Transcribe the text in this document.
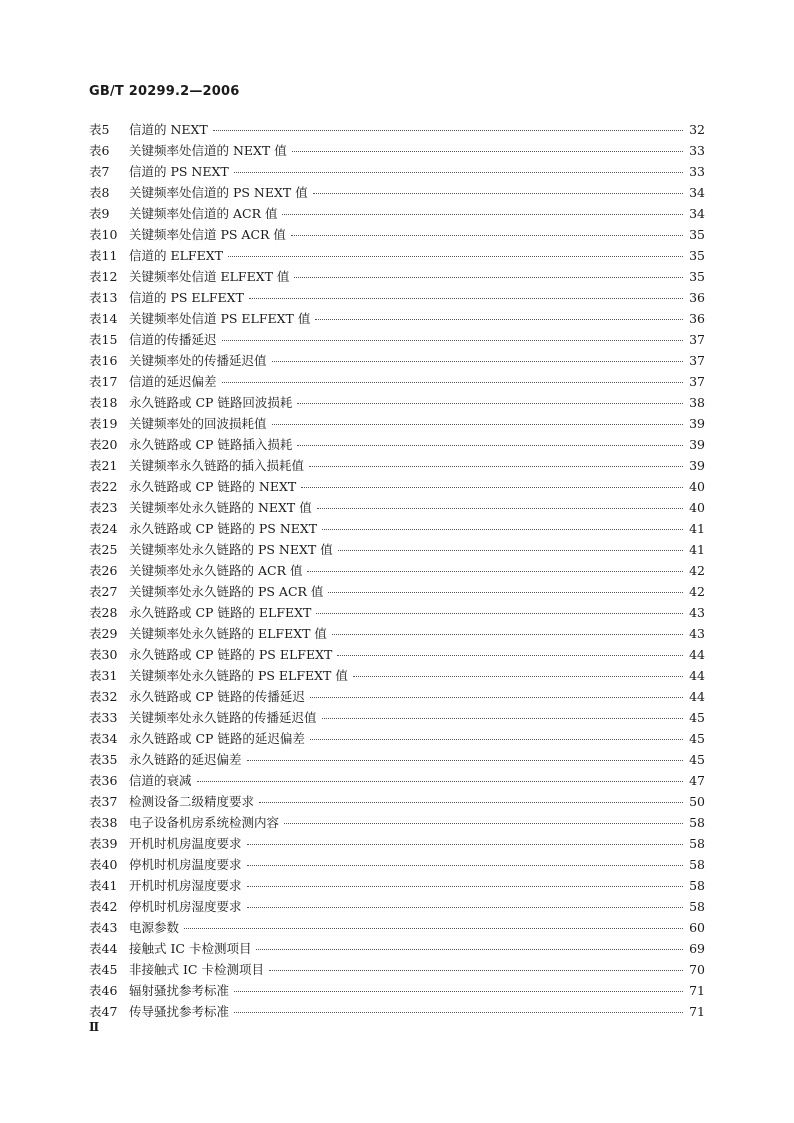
GB/T 20299.2—2006
表5	信道的 NEXT	32
表6	关键频率处信道的 NEXT 值	33
表7	信道的 PS NEXT	33
表8	关键频率处信道的 PS NEXT 值	34
表9	关键频率处信道的 ACR 值	34
表10 关键频率处信道 PS ACR 值	35
表11 信道的 ELFEXT	35
表12 关键频率处信道 ELFEXT 值	35
表13 信道的 PS ELFEXT	36
表14 关键频率处信道 PS ELFEXT 值	36
表15 信道的传播延迟	37
表16 关键频率处的传播延迟值	37
表17 信道的延迟偏差	37
表18 永久链路或 CP 链路回波损耗	38
表19 关键频率处的回波损耗值	39
表20 永久链路或 CP 链路插入损耗	39
表21 关键频率永久链路的插入损耗值	39
表22 永久链路或 CP 链路的 NEXT	40
表23 关键频率处永久链路的 NEXT 值	40
表24 永久链路或 CP 链路的 PS NEXT	41
表25 关键频率处永久链路的 PS NEXT 值	41
表26 关键频率处永久链路的 ACR 值	42
表27 关键频率处永久链路的 PS ACR 值	42
表28 永久链路或 CP 链路的 ELFEXT	43
表29 关键频率处永久链路的 ELFEXT 值	43
表30 永久链路或 CP 链路的 PS ELFEXT	44
表31 关键频率处永久链路的 PS ELFEXT 值	44
表32 永久链路或 CP 链路的传播延迟	44
表33 关键频率处永久链路的传播延迟值	45
表34 永久链路或 CP 链路的延迟偏差	45
表35 永久链路的延迟偏差	45
表36 信道的衰减	47
表37 检测设备二级精度要求	50
表38 电子设备机房系统检测内容	58
表39 开机时机房温度要求	58
表40 停机时机房温度要求	58
表41 开机时机房湿度要求	58
表42 停机时机房湿度要求	58
表43 电源参数	60
表44 接触式 IC 卡检测项目	69
表45 非接触式 IC 卡检测项目	70
表46 辐射骚扰参考标准	71
表47 传导骚扰参考标准	71
Ⅱ
